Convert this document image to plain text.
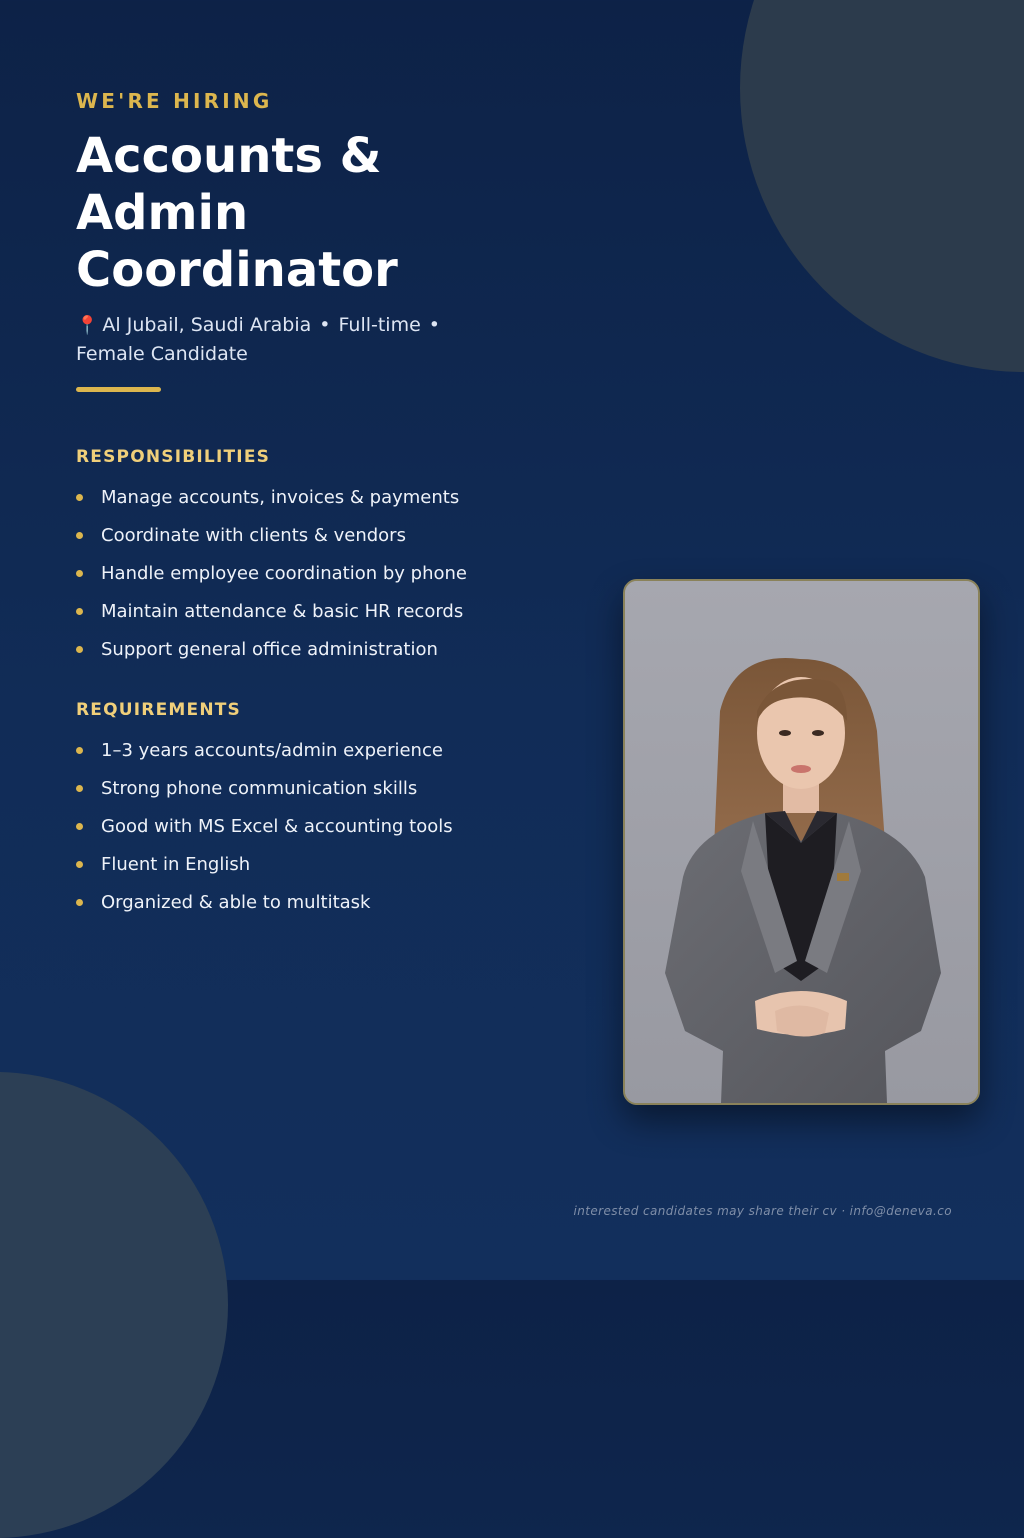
WE'RE HIRING
Accounts & Admin Coordinator
📍 Al Jubail, Saudi Arabia • Full-time •
Female Candidate
RESPONSIBILITIES
Manage accounts, invoices & payments
Coordinate with clients & vendors
Handle employee coordination by phone
Maintain attendance & basic HR records
Support general office administration
REQUIREMENTS
1–3 years accounts/admin experience
Strong phone communication skills
Good with MS Excel & accounting tools
Fluent in English
Organized & able to multitask
interested candidates may share their cv · info@deneva.co
